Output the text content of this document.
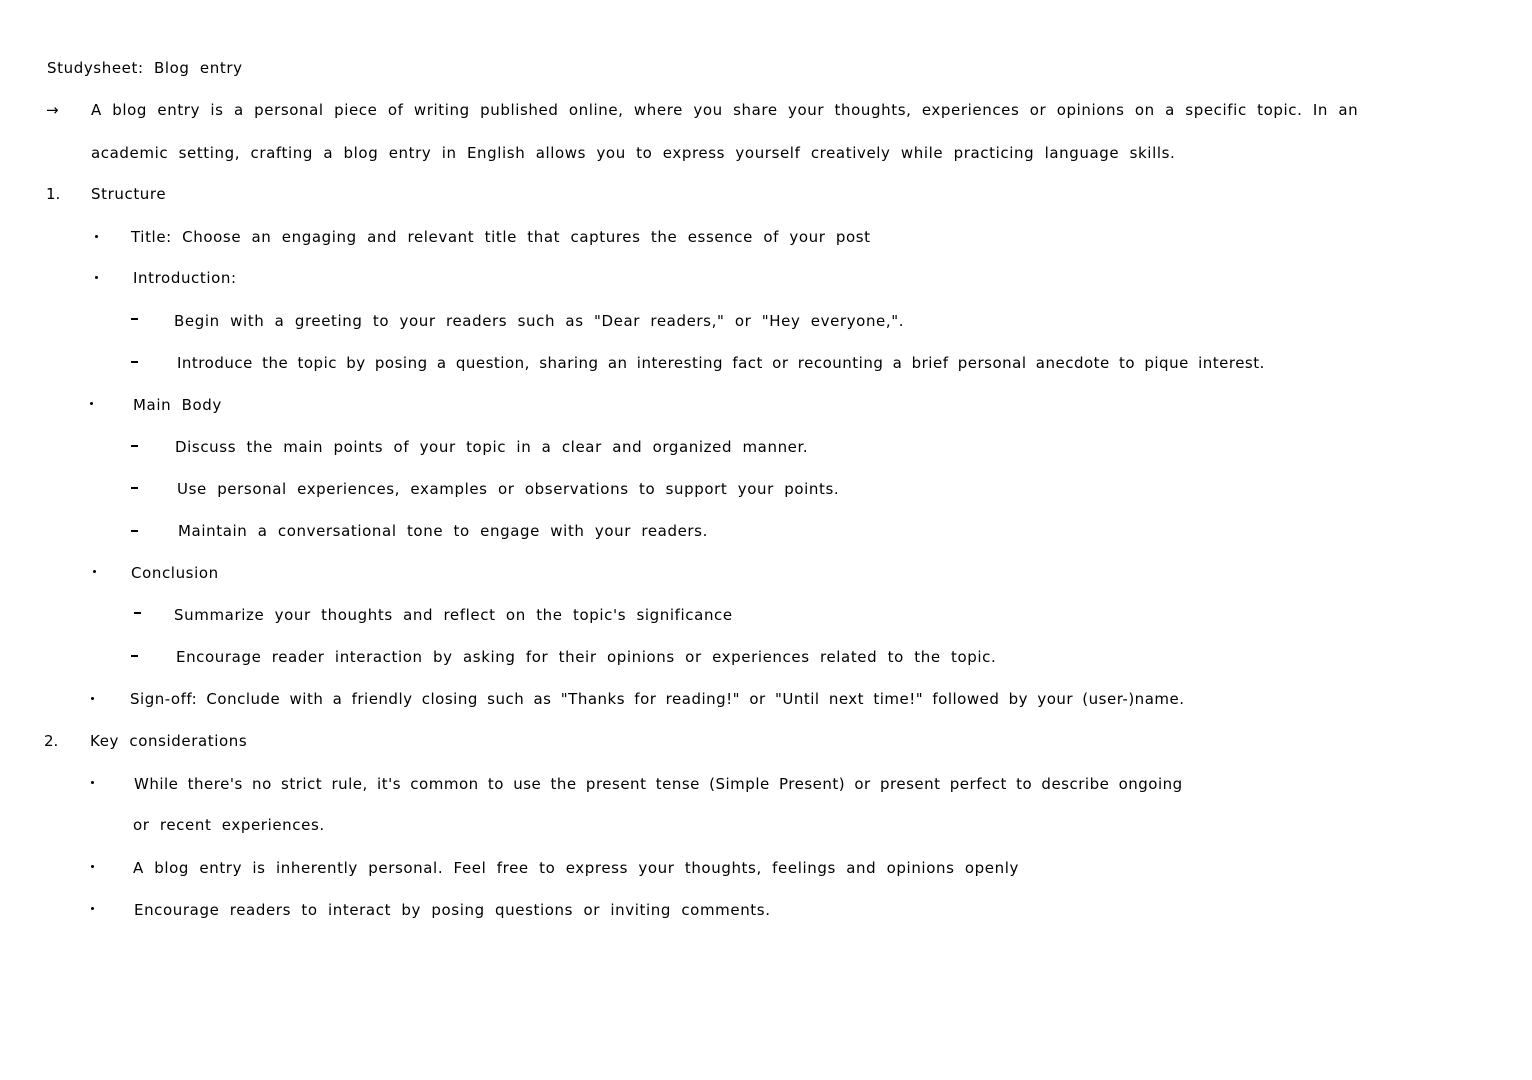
Studysheet: Blog entry
→ A blog entry is a personal piece of writing published online, where you share your thoughts, experiences or opinions on a specific topic. In an
academic setting, crafting a blog entry in English allows you to express yourself creatively while practicing language skills.
1. Structure
Title: Choose an engaging and relevant title that captures the essence of your post
Introduction:
Begin with a greeting to your readers such as "Dear readers," or "Hey everyone,".
Introduce the topic by posing a question, sharing an interesting fact or recounting a brief personal anecdote to pique interest.
Main Body
Discuss the main points of your topic in a clear and organized manner.
Use personal experiences, examples or observations to support your points.
Maintain a conversational tone to engage with your readers.
Conclusion
Summarize your thoughts and reflect on the topic's significance
Encourage reader interaction by asking for their opinions or experiences related to the topic.
Sign-off: Conclude with a friendly closing such as "Thanks for reading!" or "Until next time!" followed by your (user-)name.
2. Key considerations
While there's no strict rule, it's common to use the present tense (Simple Present) or present perfect to describe ongoing
or recent experiences.
A blog entry is inherently personal. Feel free to express your thoughts, feelings and opinions openly
Encourage readers to interact by posing questions or inviting comments.
